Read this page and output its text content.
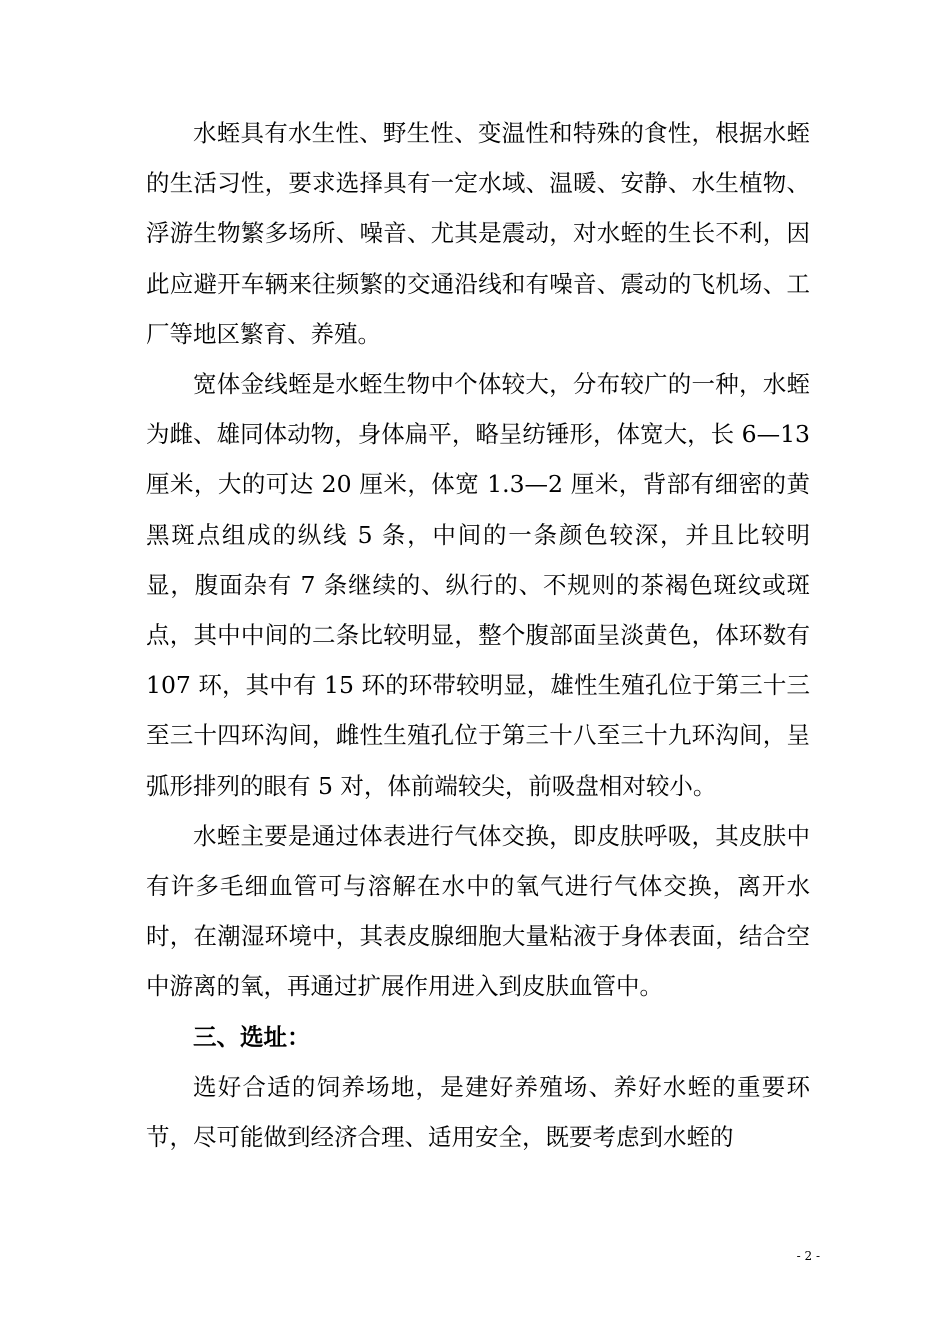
水蛭具有水生性、野生性、变温性和特殊的食性，根据水蛭的生活习性，要求选择具有一定水域、温暖、安静、水生植物、浮游生物繁多场所、噪音、尤其是震动，对水蛭的生长不利，因此应避开车辆来往频繁的交通沿线和有噪音、震动的飞机场、工厂等地区繁育、养殖。

宽体金线蛭是水蛭生物中个体较大，分布较广的一种，水蛭为雌、雄同体动物，身体扁平，略呈纺锤形，体宽大，长 6—13 厘米，大的可达 20 厘米，体宽 1.3—2 厘米，背部有细密的黄黑斑点组成的纵线 5 条，中间的一条颜色较深，并且比较明显，腹面杂有 7 条继续的、纵行的、不规则的茶褐色斑纹或斑点，其中中间的二条比较明显，整个腹部面呈淡黄色，体环数有 107 环，其中有 15 环的环带较明显，雄性生殖孔位于第三十三至三十四环沟间，雌性生殖孔位于第三十八至三十九环沟间，呈弧形排列的眼有 5 对，体前端较尖，前吸盘相对较小。

水蛭主要是通过体表进行气体交换，即皮肤呼吸，其皮肤中有许多毛细血管可与溶解在水中的氧气进行气体交换，离开水时，在潮湿环境中，其表皮腺细胞大量粘液于身体表面，结合空中游离的氧，再通过扩展作用进入到皮肤血管中。

三、选址：

选好合适的饲养场地，是建好养殖场、养好水蛭的重要环节，尽可能做到经济合理、适用安全，既要考虑到水蛭的

- 2 -
